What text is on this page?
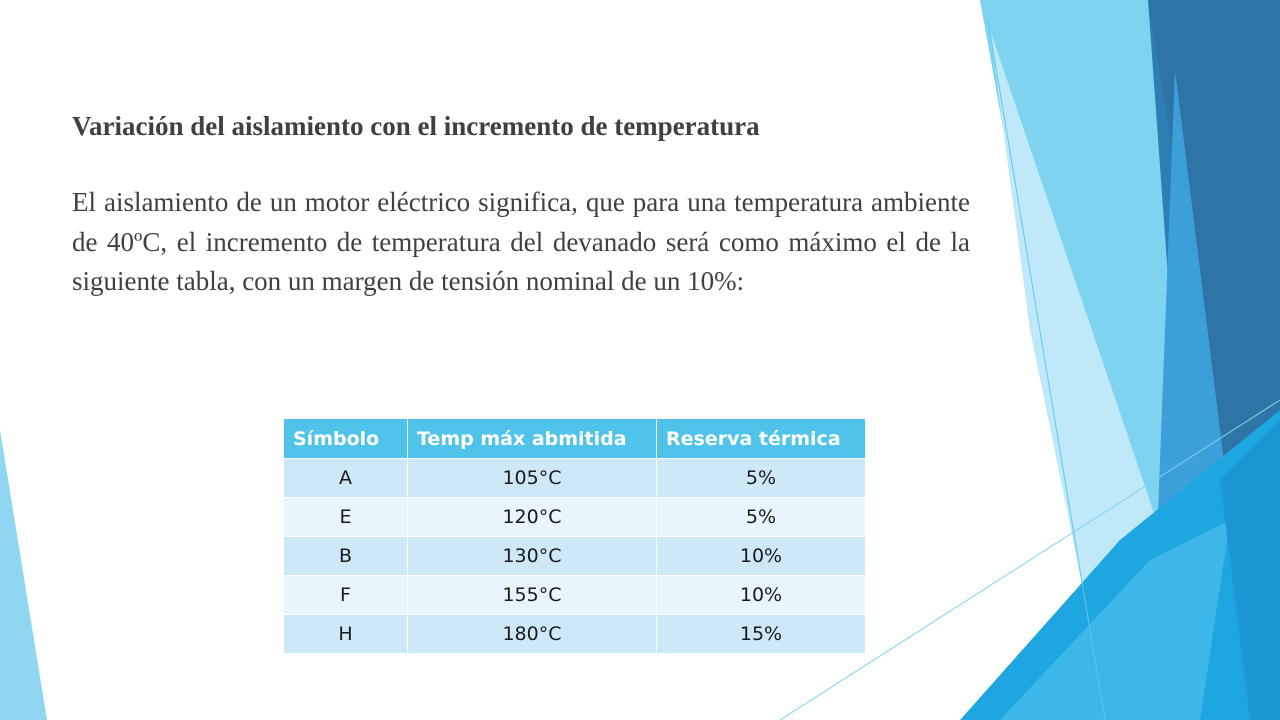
Variación del aislamiento con el incremento de temperatura

El aislamiento de un motor eléctrico significa, que para una temperatura ambiente de 40ºC, el incremento de temperatura del devanado será como máximo el de la siguiente tabla, con un margen de tensión nominal de un 10%:

Símbolo	Temp máx abmitida	Reserva térmica
A	105°C	5%
E	120°C	5%
B	130°C	10%
F	155°C	10%
H	180°C	15%
